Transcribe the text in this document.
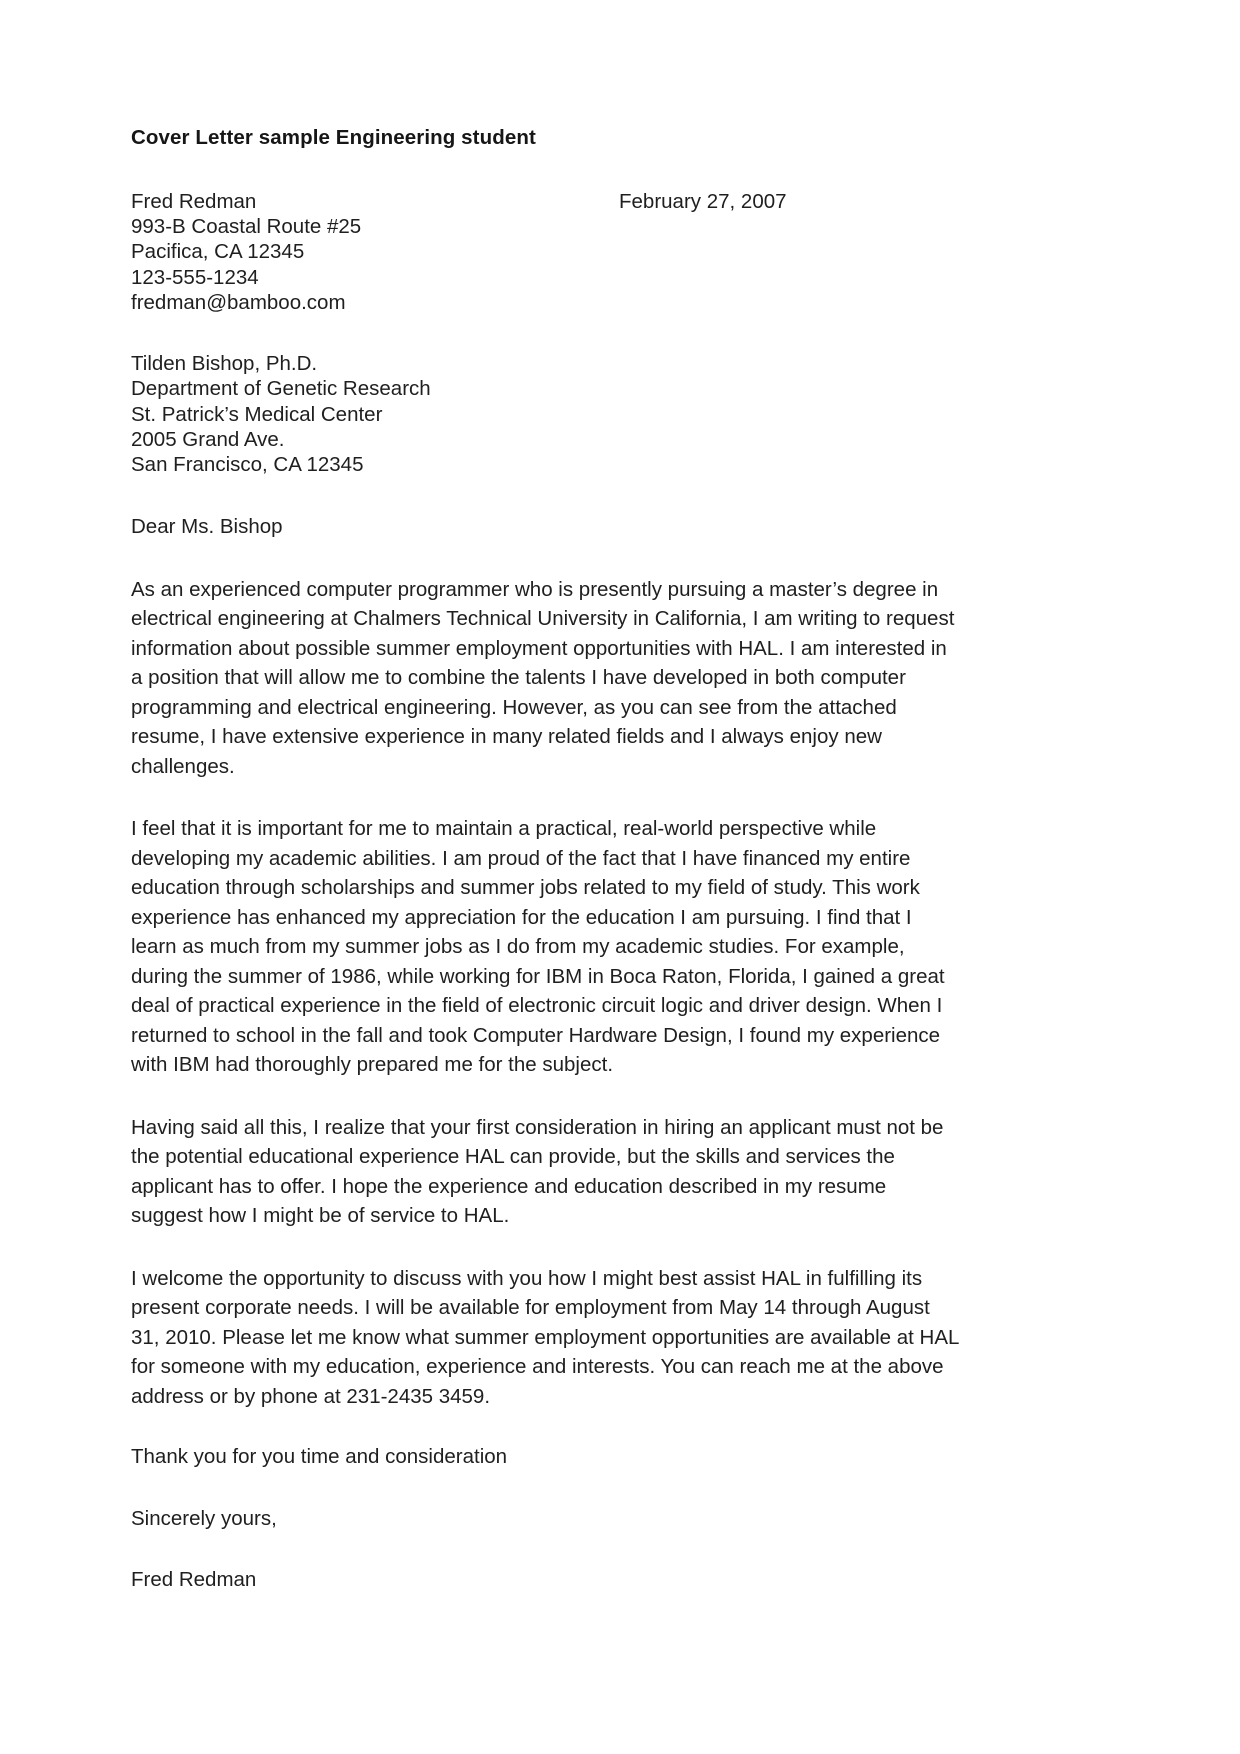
Cover Letter sample Engineering student
Fred Redman
993-B Coastal Route #25
Pacifica, CA 12345
123-555-1234
fredman@bamboo.com
February 27, 2007
Tilden Bishop, Ph.D.
Department of Genetic Research
St. Patrick’s Medical Center
2005 Grand Ave.
San Francisco, CA 12345
Dear Ms. Bishop

As an experienced computer programmer who is presently pursuing a master’s degree in electrical engineering at Chalmers Technical University in California, I am writing to request information about possible summer employment opportunities with HAL. I am interested in a position that will allow me to combine the talents I have developed in both computer programming and electrical engineering. However, as you can see from the attached resume, I have extensive experience in many related fields and I always enjoy new challenges.

I feel that it is important for me to maintain a practical, real-world perspective while developing my academic abilities. I am proud of the fact that I have financed my entire education through scholarships and summer jobs related to my field of study. This work experience has enhanced my appreciation for the education I am pursuing. I find that I learn as much from my summer jobs as I do from my academic studies. For example, during the summer of 1986, while working for IBM in Boca Raton, Florida, I gained a great deal of practical experience in the field of electronic circuit logic and driver design. When I returned to school in the fall and took Computer Hardware Design, I found my experience with IBM had thoroughly prepared me for the subject.

Having said all this, I realize that your first consideration in hiring an applicant must not be the potential educational experience HAL can provide, but the skills and services the applicant has to offer. I hope the experience and education described in my resume suggest how I might be of service to HAL.

I welcome the opportunity to discuss with you how I might best assist HAL in fulfilling its present corporate needs. I will be available for employment from May 14 through August 31, 2010. Please let me know what summer employment opportunities are available at HAL for someone with my education, experience and interests. You can reach me at the above address or by phone at 231-2435 3459.

Thank you for you time and consideration
Sincerely yours,
Fred Redman
